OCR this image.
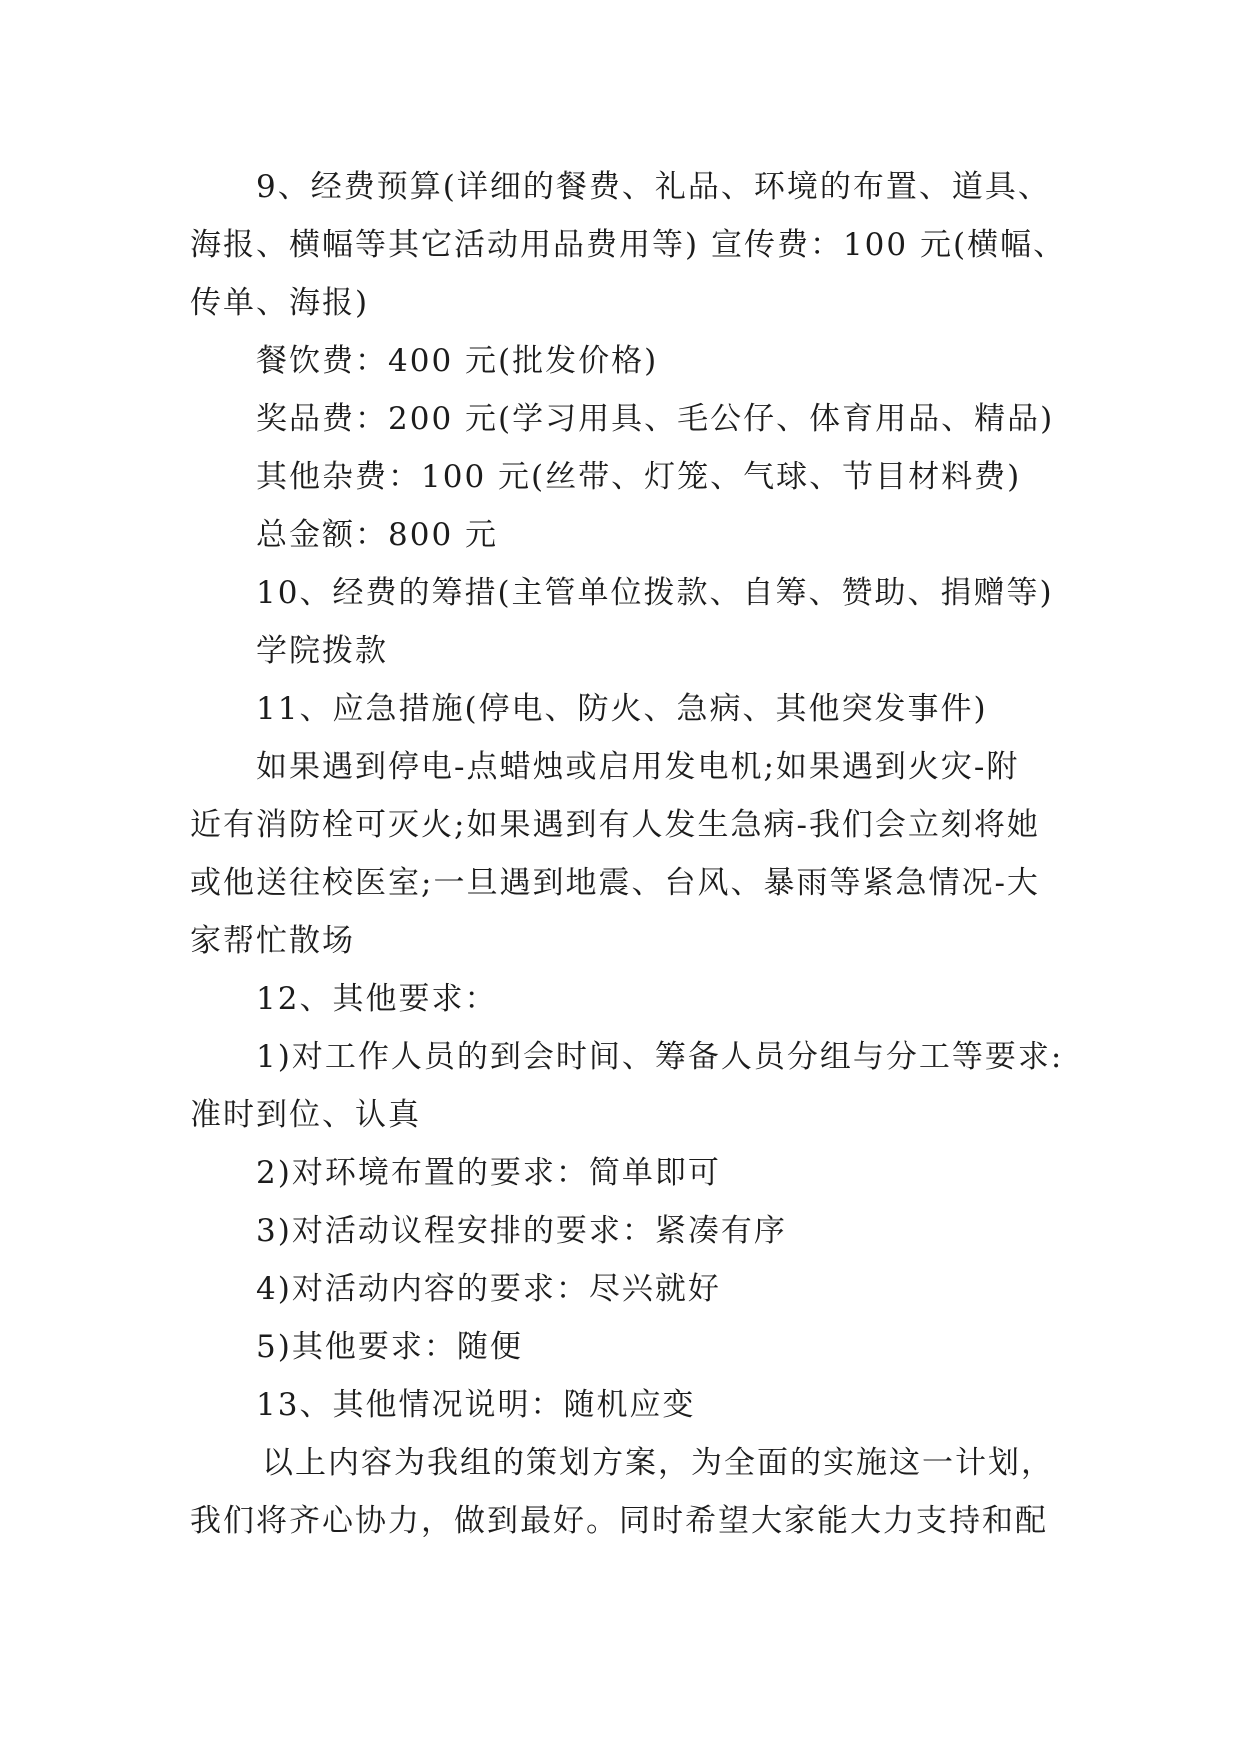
9、经费预算(详细的餐费、礼品、环境的布置、道具、
海报、横幅等其它活动用品费用等) 宣传费：100 元(横幅、
传单、海报)
餐饮费：400 元(批发价格)
奖品费：200 元(学习用具、毛公仔、体育用品、精品)
其他杂费：100 元(丝带、灯笼、气球、节目材料费)
总金额：800 元
10、经费的筹措(主管单位拨款、自筹、赞助、捐赠等)
学院拨款
11、应急措施(停电、防火、急病、其他突发事件)
如果遇到停电-点蜡烛或启用发电机;如果遇到火灾-附
近有消防栓可灭火;如果遇到有人发生急病-我们会立刻将她
或他送往校医室;一旦遇到地震、台风、暴雨等紧急情况-大
家帮忙散场
12、其他要求：
1)对工作人员的到会时间、筹备人员分组与分工等要求:
准时到位、认真
2)对环境布置的要求：简单即可
3)对活动议程安排的要求：紧凑有序
4)对活动内容的要求：尽兴就好
5)其他要求：随便
13、其他情况说明：随机应变
以上内容为我组的策划方案，为全面的实施这一计划，
我们将齐心协力，做到最好。同时希望大家能大力支持和配
